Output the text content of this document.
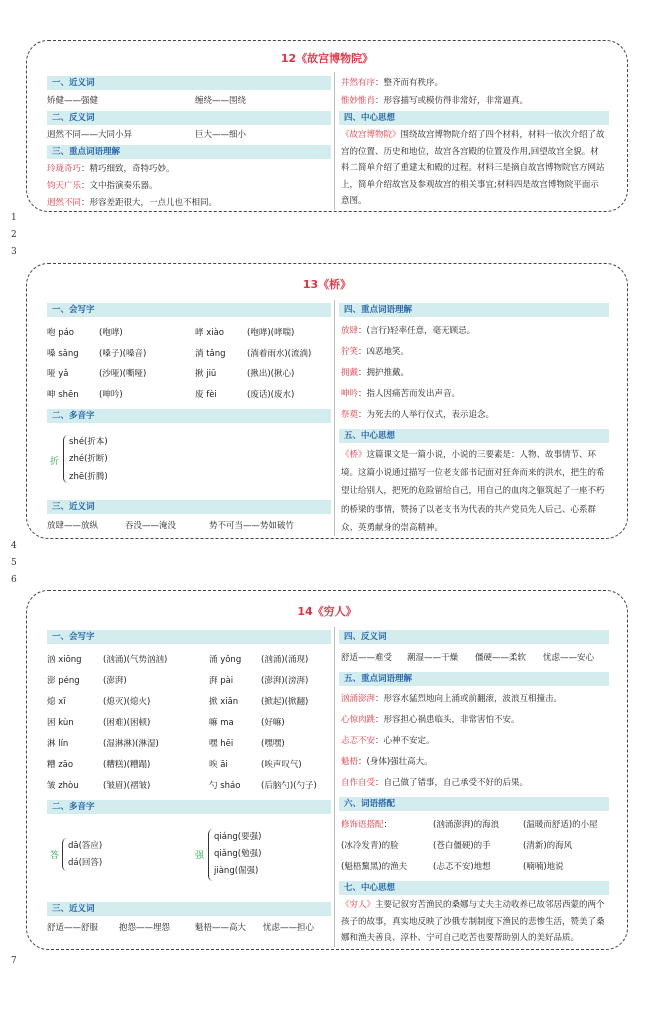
1
2
3
4
5
6
7
12《故宫博物院》
一、近义词
矫健——强健	缠绕——围绕
二、反义词
迥然不同——大同小异	巨大——细小
三、重点词语理解
玲珑奇巧：精巧细致，奇特巧妙。
钧天广乐：文中指演奏乐器。
迥然不同：形容差距很大，一点儿也不相同。
井然有序：整齐而有秩序。
惟妙惟肖：形容描写或模仿得非常好，非常逼真。
四、中心思想
《故宫博物院》围绕故宫博物院介绍了四个材料，材料一依次介绍了故宫的位置、历史和地位，故宫各宫殿的位置及作用,回望故宫全貌。材料二简单介绍了重建太和殿的过程。材料三是摘自故宫博物院官方网站上，简单介绍故宫及参观故宫的相关事宜;材料四是故宫博物院平面示意图。
13《桥》
一、会写字
咆 páo	(咆哮)	哮 xiào	(咆哮)(哮喘)
嗓 sǎng (嗓子)(嗓音)	淌 tǎng	(淌着雨水)(流淌)
哑 yǎ	(沙哑)(嘶哑)	揪 jiū	(揪出)(揪心)
呻 shēn (呻吟)	废 fèi	(废话)(废水)
二、多音字
折
shé(折本)
zhé(折断)
zhē(折腾)
三、近义词
放肆——放纵	吞没——淹没	势不可当——势如破竹
四、重点词语理解
放肆：(言行)轻率任意，毫无顾忌。
狞笑：凶恶地笑。
拥戴：拥护推戴。
呻吟：指人因痛苦而发出声音。
祭奠：为死去的人举行仪式，表示追念。
五、中心思想
《桥》这篇课文是一篇小说，小说的三要素是：人物、故事情节、环境。这篇小说通过描写一位老支部书记面对狂奔而来的洪水，把生的希望让给别人，把死的危险留给自己，用自己的血肉之躯筑起了一座不朽的桥梁的事情，赞扬了以老支书为代表的共产党员先人后己、心系群众、英勇献身的崇高精神。
14《穷人》
一、会写字
汹 xiōng	(汹涌)(气势汹汹)	涌 yǒng (汹涌)(涌现)
澎 péng	(澎湃)	湃 pài	(澎湃)(滂湃)
熄 xī	(熄灭)(熄火)	掀 xiān	(掀起)(掀翻)
困 kùn	(困难)(困顿)	嘛 ma	(好嘛)
淋 lín	(湿淋淋)(淋湿)	嘿 hēi	(嘿嘿)
糟 zāo	(糟糕)(糟蹋)	唉 āi	(唉声叹气)
皱 zhòu	(皱眉)(褶皱)	勺 sháo (后脑勺)(勺子)
二、多音字
答
dā(答应)
dá(回答)
强
qiáng(要强)
qiǎng(勉强)
jiàng(倔强)
三、近义词
舒适——舒服 抱怨——埋怨	魁梧——高大 忧虑——担心
四、反义词
舒适——难受 潮湿——干燥 僵硬——柔软 忧虑——安心
五、重点词语理解
汹涌澎湃：形容水猛烈地向上涌或前翻滚，波浪互相撞击。
心惊肉跳：形容担心祸患临头，非常害怕不安。
忐忑不安：心神不安定。
魁梧：(身体)强壮高大。
自作自受：自己做了错事，自己承受不好的后果。
六、词语搭配
修饰语搭配：	(汹涌澎湃)的海浪	(温暖而舒适)的小屋
(冰冷发青)的脸	(苍白僵硬)的手	(清新)的海风
(魁梧黧黑)的渔夫	(忐忑不安)地想	(喃喃)地说
七、中心思想
《穷人》主要记叙穷苦渔民的桑娜与丈夫主动收养已故邻居西蒙的两个孩子的故事，真实地反映了沙俄专制制度下渔民的悲惨生活，赞美了桑娜和渔夫善良、淳朴、宁可自己吃苦也要帮助别人的美好品质。
